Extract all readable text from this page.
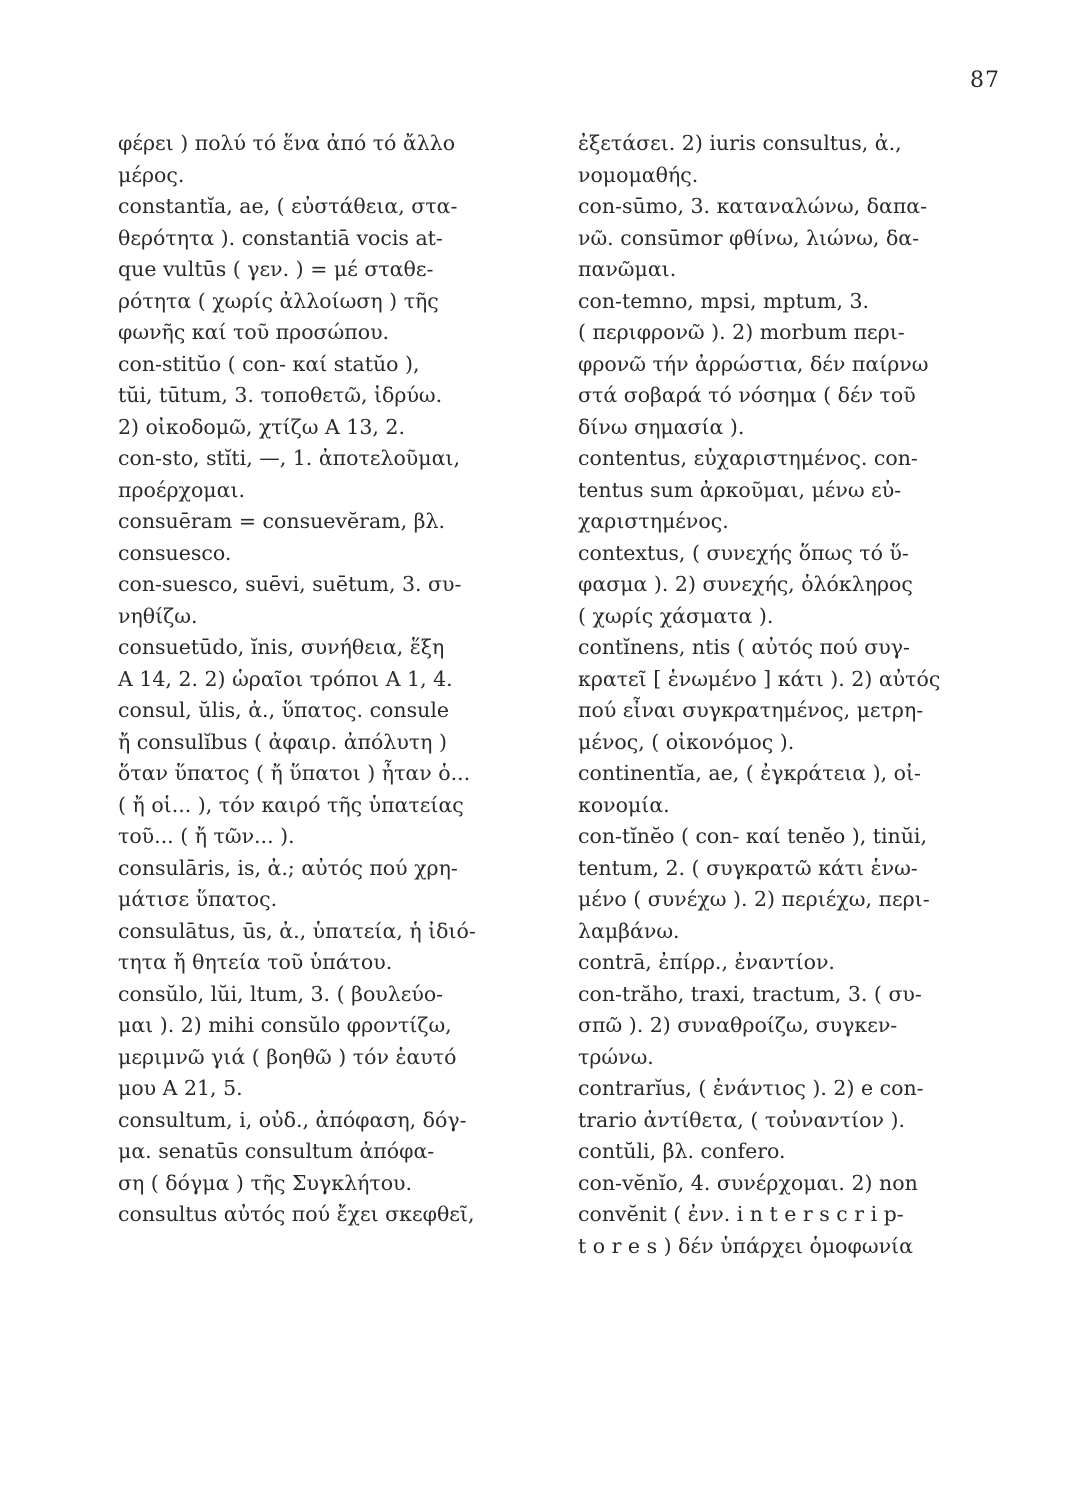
87
φέρει ) πολύ τό ἕνα ἀπό τό ἄλλο
μέρος.
constantĭa, ae, ( εὐστάθεια, στα-
θερότητα ). constantiā vocis at-
que vultūs ( γεν. ) = μέ σταθε-
ρότητα ( χωρίς ἀλλοίωση ) τῆς
φωνῆς καί τοῦ προσώπου.
con-stitŭo ( con- καί statŭo ),
tŭi, tūtum, 3. τοποθετῶ, ἱδρύω.
2) οἰκοδομῶ, χτίζω A 13, 2.
con-sto, stĭti, —, 1. ἀποτελοῦμαι,
προέρχομαι.
consuēram = consuevĕram, βλ.
consuesco.
con-suesco, suēvi, suētum, 3. συ-
νηθίζω.
consuetūdo, ĭnis, συνήθεια, ἕξη
A 14, 2. 2) ὡραῖοι τρόποι A 1, 4.
consul, ŭlis, ἀ., ὕπατος. consule
ἤ consulĭbus ( ἀφαιρ. ἀπόλυτη )
ὅταν ὕπατος ( ἤ ὕπατοι ) ἦταν ὁ...
( ἤ οἱ... ), τόν καιρό τῆς ὑπατείας
τοῦ... ( ἤ τῶν... ).
consulāris, is, ἀ.; αὐτός πού χρη-
μάτισε ὕπατος.
consulātus, ūs, ἀ., ὑπατεία, ἡ ἰδιό-
τητα ἤ θητεία τοῦ ὑπάτου.
consŭlo, lŭi, ltum, 3. ( βουλεύο-
μαι ). 2) mihi consŭlo φροντίζω,
μεριμνῶ γιά ( βοηθῶ ) τόν ἑαυτό
μου A 21, 5.
consultum, i, οὐδ., ἀπόφαση, δόγ-
μα. senatūs consultum ἀπόφα-
ση ( δόγμα ) τῆς Συγκλήτου.
consultus αὐτός πού ἔχει σκεφθεῖ,
ἐξετάσει. 2) iuris consultus, ἀ.,
νομομαθής.
con-sūmo, 3. καταναλώνω, δαπα-
νῶ. consūmor φθίνω, λιώνω, δα-
πανῶμαι.
con-temno, mpsi, mptum, 3.
( περιφρονῶ ). 2) morbum περι-
φρονῶ τήν ἀρρώστια, δέν παίρνω
στά σοβαρά τό νόσημα ( δέν τοῦ
δίνω σημασία ).
contentus, εὐχαριστημένος. con-
tentus sum ἀρκοῦμαι, μένω εὐ-
χαριστημένος.
contextus, ( συνεχής ὅπως τό ὕ-
φασμα ). 2) συνεχής, ὁλόκληρος
( χωρίς χάσματα ).
contĭnens, ntis ( αὐτός πού συγ-
κρατεῖ [ ἑνωμένο ] κάτι ). 2) αὐτός
πού εἶναι συγκρατημένος, μετρη-
μένος, ( οἰκονόμος ).
continentĭa, ae, ( ἐγκράτεια ), οἰ-
κονομία.
con-tĭnĕo ( con- καί tenĕo ), tinŭi,
tentum, 2. ( συγκρατῶ κάτι ἑνω-
μένο ( συνέχω ). 2) περιέχω, περι-
λαμβάνω.
contrā, ἐπίρρ., ἐναντίον.
con-trăho, traxi, tractum, 3. ( συ-
σπῶ ). 2) συναθροίζω, συγκεν-
τρώνω.
contrarĭus, ( ἐνάντιος ). 2) e con-
trario ἀντίθετα, ( τοὐναντίον ).
contŭli, βλ. confero.
con-vĕnĭo, 4. συνέρχομαι. 2) non
convĕnit ( ἐνν. i n t e r s c r i p-
t o r e s ) δέν ὑπάρχει ὁμοφωνία
